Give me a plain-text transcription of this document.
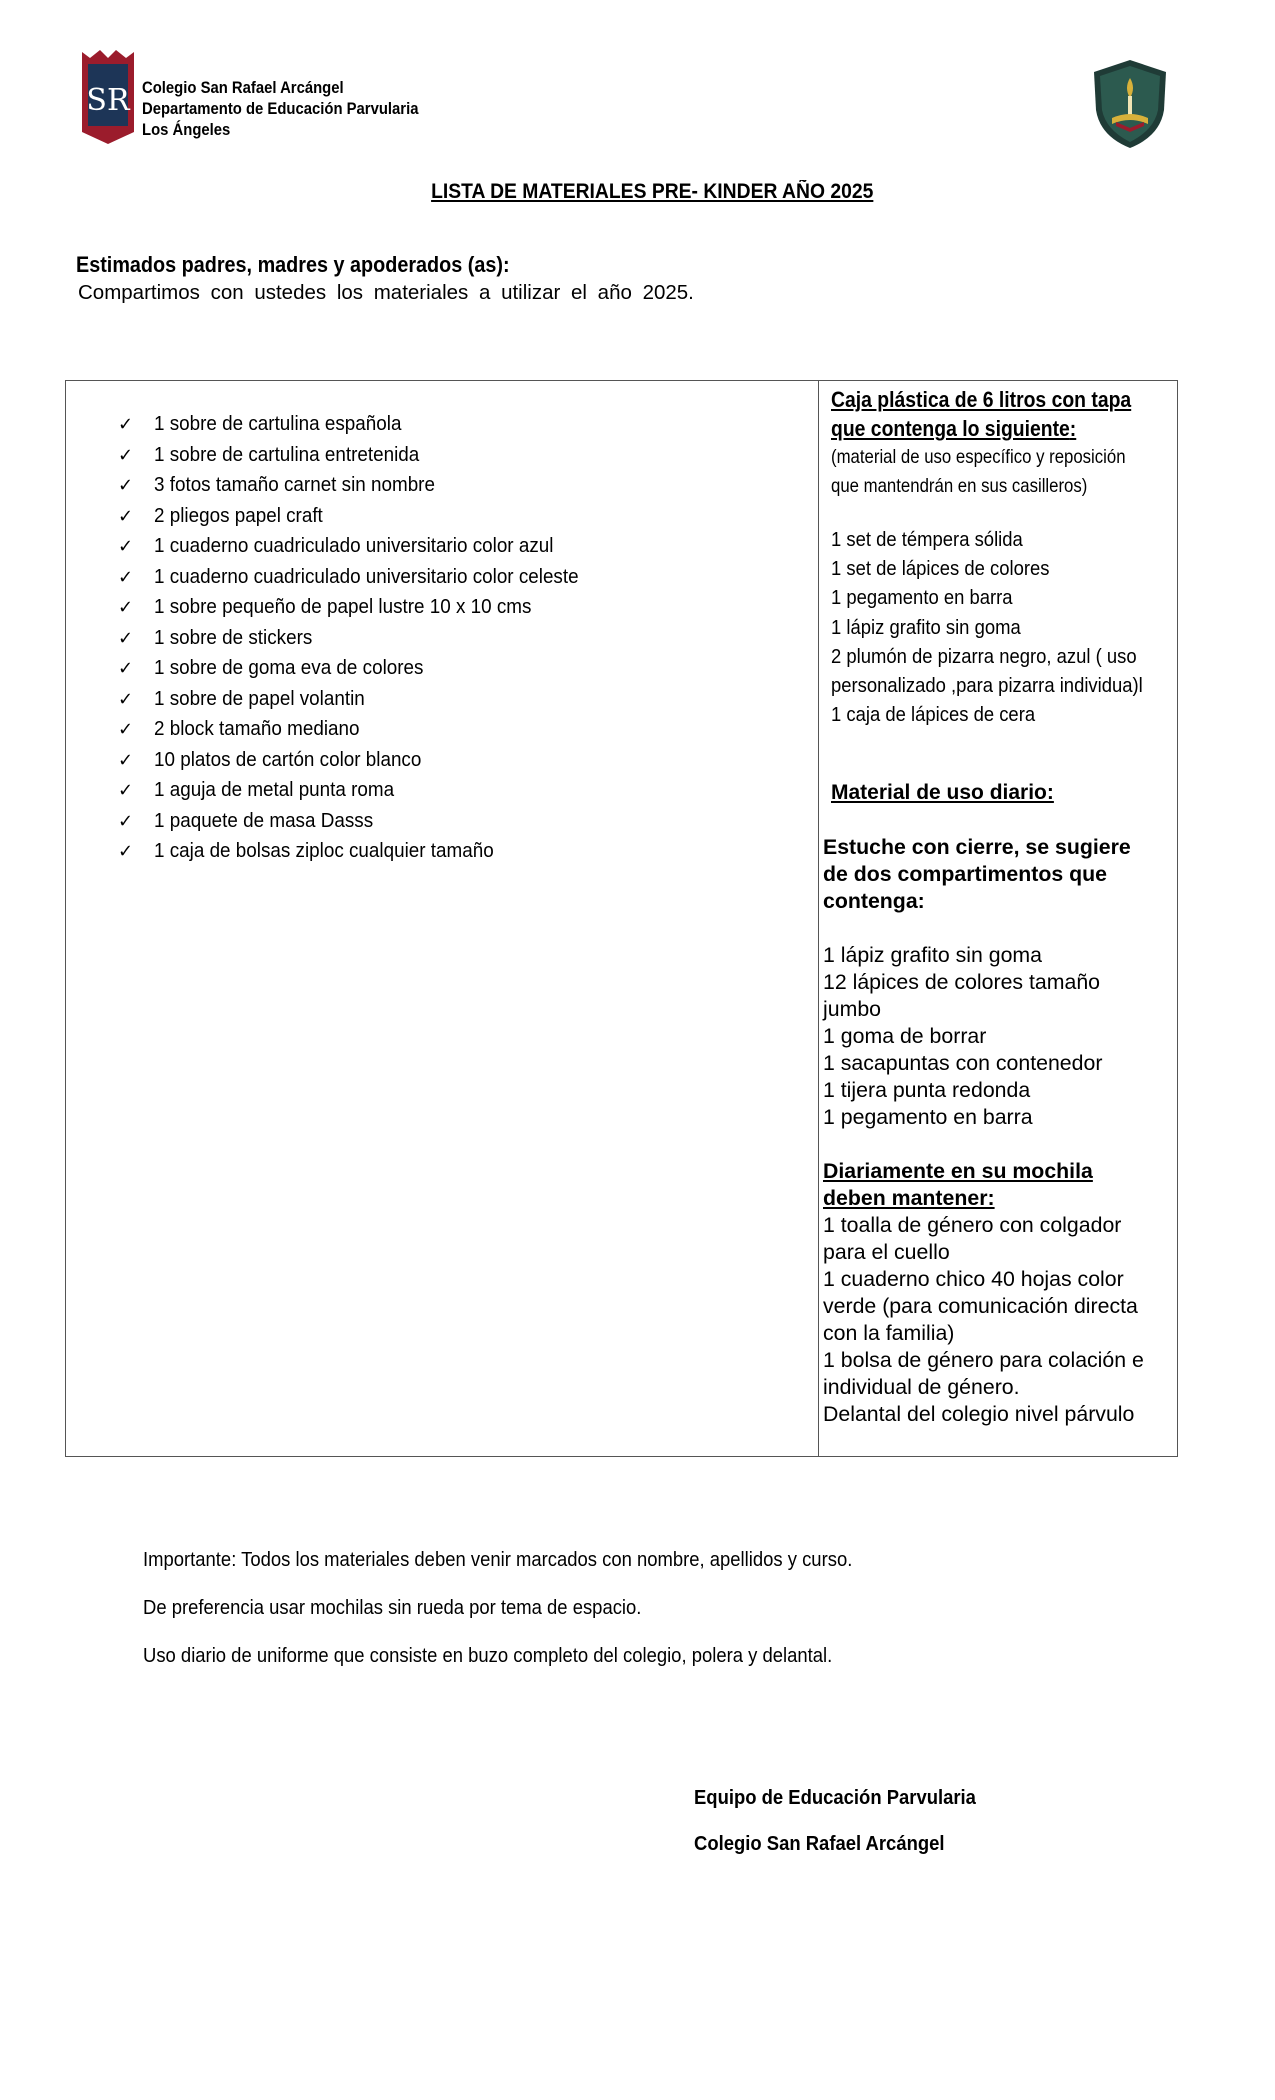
SR Colegio San Rafael Arcángel
Departamento de Educación Parvularia
Los Ángeles
LISTA DE MATERIALES PRE- KINDER AÑO 2025
Estimados padres, madres y apoderados (as):
Compartimos con ustedes los materiales a utilizar el año 2025.
✓ 1 sobre de cartulina española
✓ 1 sobre de cartulina entretenida
✓ 3 fotos tamaño carnet sin nombre
✓ 2 pliegos papel craft
✓ 1 cuaderno cuadriculado universitario color azul
✓ 1 cuaderno cuadriculado universitario color celeste
✓ 1 sobre pequeño de papel lustre 10 x 10 cms
✓ 1 sobre de stickers
✓ 1 sobre de goma eva de colores
✓ 1 sobre de papel volantin
✓ 2 block tamaño mediano
✓ 10 platos de cartón color blanco
✓ 1 aguja de metal punta roma
✓ 1 paquete de masa Dasss
✓ 1 caja de bolsas ziploc cualquier tamaño
Caja plástica de 6 litros con tapa
que contenga lo siguiente:
(material de uso específico y reposición
que mantendrán en sus casilleros)
1 set de témpera sólida
1 set de lápices de colores
1 pegamento en barra
1 lápiz grafito sin goma
2 plumón de pizarra negro, azul ( uso
personalizado ,para pizarra individua)l
1 caja de lápices de cera
Material de uso diario:
Estuche con cierre, se sugiere
de dos compartimentos que
contenga:
1 lápiz grafito sin goma
12 lápices de colores tamaño
jumbo
1 goma de borrar
1 sacapuntas con contenedor
1 tijera punta redonda
1 pegamento en barra
Diariamente en su mochila
deben mantener:
1 toalla de género con colgador
para el cuello
1 cuaderno chico 40 hojas color
verde (para comunicación directa
con la familia)
1 bolsa de género para colación e
individual de género.
Delantal del colegio nivel párvulo
Importante: Todos los materiales deben venir marcados con nombre, apellidos y curso.
De preferencia usar mochilas sin rueda por tema de espacio.
Uso diario de uniforme que consiste en buzo completo del colegio, polera y delantal.
Equipo de Educación Parvularia
Colegio San Rafael Arcángel
